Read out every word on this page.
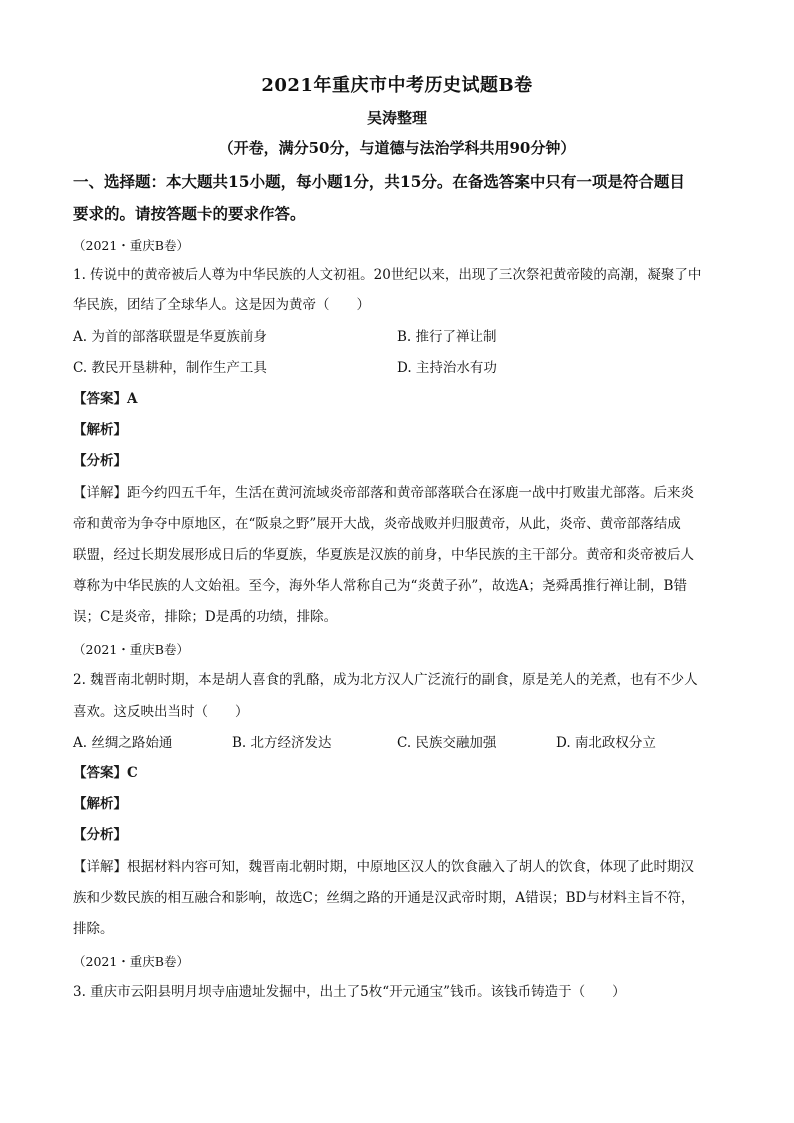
2021年重庆市中考历史试题B卷
吴涛整理
（开卷，满分50分，与道德与法治学科共用90分钟）
一、选择题：本大题共15小题，每小题1分，共15分。在备选答案中只有一项是符合题目
要求的。请按答题卡的要求作答。
（2021・重庆B卷）
1. 传说中的黄帝被后人尊为中华民族的人文初祖。20世纪以来，出现了三次祭祀黄帝陵的高潮，凝聚了中
华民族，团结了全球华人。这是因为黄帝（　　）
A. 为首的部落联盟是华夏族前身	B. 推行了禅让制
C. 教民开垦耕种，制作生产工具	D. 主持治水有功
【答案】A
【解析】
【分析】
【详解】距今约四五千年，生活在黄河流域炎帝部落和黄帝部落联合在涿鹿一战中打败蚩尤部落。后来炎
帝和黄帝为争夺中原地区，在“阪泉之野”展开大战，炎帝战败并归服黄帝，从此，炎帝、黄帝部落结成
联盟，经过长期发展形成日后的华夏族，华夏族是汉族的前身，中华民族的主干部分。黄帝和炎帝被后人
尊称为中华民族的人文始祖。至今，海外华人常称自己为“炎黄子孙”，故选A；尧舜禹推行禅让制，B错
误；C是炎帝，排除；D是禹的功绩，排除。
（2021・重庆B卷）
2. 魏晋南北朝时期，本是胡人喜食的乳酪，成为北方汉人广泛流行的副食，原是羌人的羌煮，也有不少人
喜欢。这反映出当时（　　）
A. 丝绸之路始通	B. 北方经济发达	C. 民族交融加强	D. 南北政权分立
【答案】C
【解析】
【分析】
【详解】根据材料内容可知，魏晋南北朝时期，中原地区汉人的饮食融入了胡人的饮食，体现了此时期汉
族和少数民族的相互融合和影响，故选C；丝绸之路的开通是汉武帝时期，A错误；BD与材料主旨不符，
排除。
（2021・重庆B卷）
3. 重庆市云阳县明月坝寺庙遗址发掘中，出土了5枚“开元通宝”钱币。该钱币铸造于（　　）
